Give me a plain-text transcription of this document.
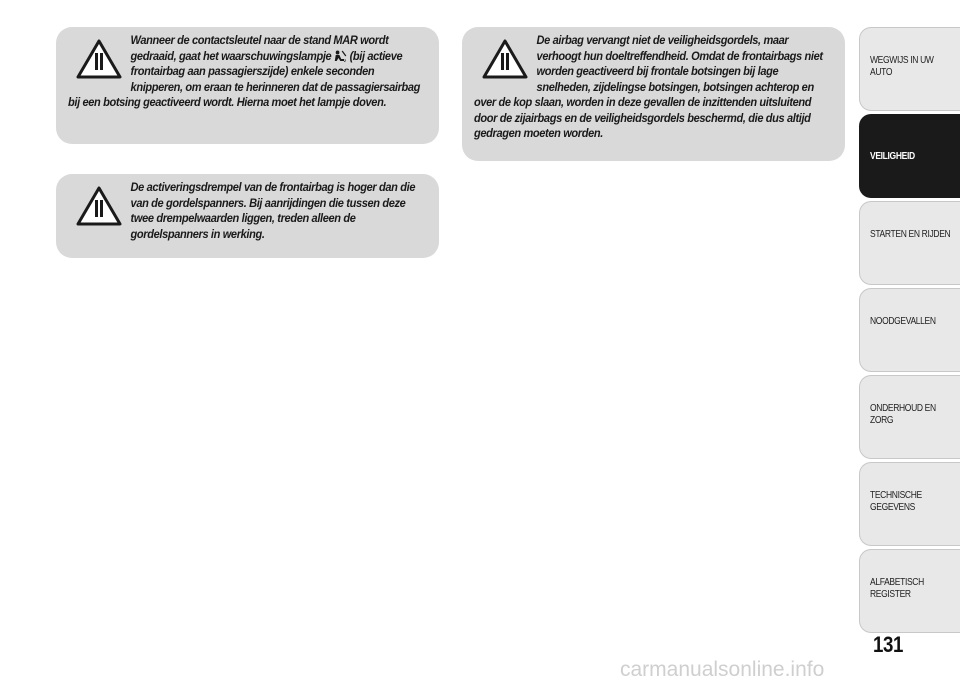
Wanneer de contactsleutel naar de stand MAR wordt gedraaid, gaat het waarschuwingslampje	2 (bij actieve frontairbag aan passagierszijde) enkele seconden knipperen, om eraan te herinneren dat de passagiersairbag bij een botsing geactiveerd wordt. Hierna moet het lampje doven.

De activeringsdrempel van de frontairbag is hoger dan die van de gordelspanners. Bij aanrijdingen die tussen deze twee drempelwaarden liggen, treden alleen de gordelspanners in werking.

De airbag vervangt niet de veiligheidsgordels, maar verhoogt hun doeltreffendheid. Omdat de frontairbags niet worden geactiveerd bij frontale botsingen bij lage snelheden, zijdelingse botsingen, botsingen achterop en over de kop slaan, worden in deze gevallen de inzittenden uitsluitend door de zijairbags en de veiligheidsgordels beschermd, die dus altijd gedragen moeten worden.

WEGWIJS IN UW AUTO
VEILIGHEID
STARTEN EN RIJDEN
NOODGEVALLEN
ONDERHOUD EN ZORG
TECHNISCHE GEGEVENS
ALFABETISCH REGISTER
131
carmanualsonline.info
